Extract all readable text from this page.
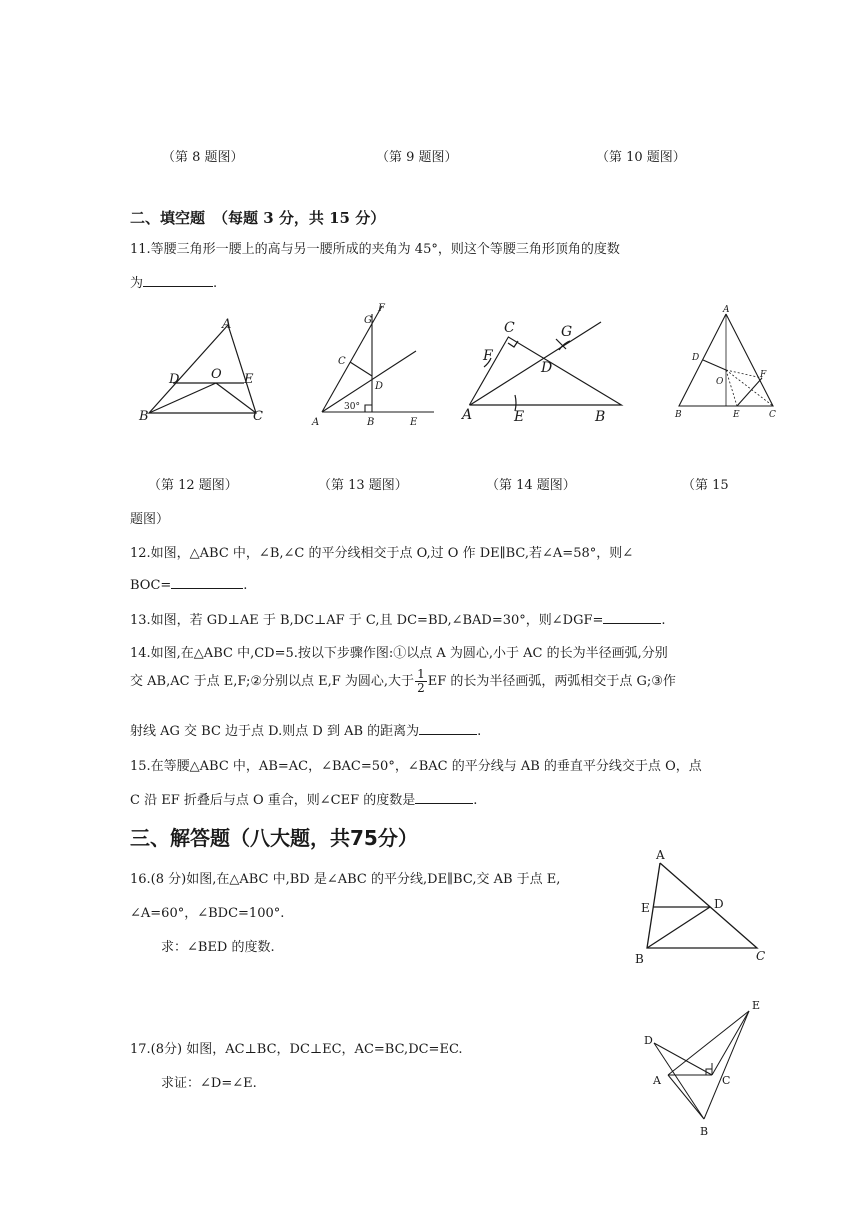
（第 8 题图）	（第 9 题图）	（第 10 题图）
二、填空题 （每题 3 分，共 15 分）
11.等腰三角形一腰上的高与另一腰所成的夹角为 45°，则这个等腰三角形顶角的度数
为	.
A
D O E
B	C
G
F
C
D
30°
A	B	E
C	G
F
D
A	E	B
A
D
O
F
B	E	C
（第 12 题图）	（第 13 题图）	（第 14 题图）	（第 15
题图）
12.如图，△ABC 中，∠B,∠C 的平分线相交于点 O,过 O 作 DE∥BC,若∠A=58°，则∠
BOC=	.
13.如图，若 GD⊥AE 于 B,DC⊥AF 于 C,且 DC=BD,∠BAD=30°，则∠DGF=	.
14.如图,在△ABC 中,CD=5.按以下步骤作图:①以点 A 为圆心,小于 AC 的长为半径画弧,分别
交 AB,AC 于点 E,F;②分别以点 E,F 为圆心,大于 $\frac{1}{2}$ EF 的长为半径画弧，两弧相交于点 G;③作
射线 AG 交 BC 边于点 D.则点 D 到 AB 的距离为	.
15.在等腰△ABC 中，AB=AC，∠BAC=50°，∠BAC 的平分线与 AB 的垂直平分线交于点 O，点
C 沿 EF 折叠后与点 O 重合，则∠CEF 的度数是	.
三、解答题（八大题，共75分）
16.(8 分)如图,在△ABC 中,BD 是∠ABC 的平分线,DE∥BC,交 AB 于点 E,
∠A=60°，∠BDC=100°.
求：∠BED 的度数.
A
E	D
B	C
17.(8分) 如图，AC⊥BC，DC⊥EC，AC=BC,DC=EC.
求证：∠D=∠E.
E
D
A	C
B
